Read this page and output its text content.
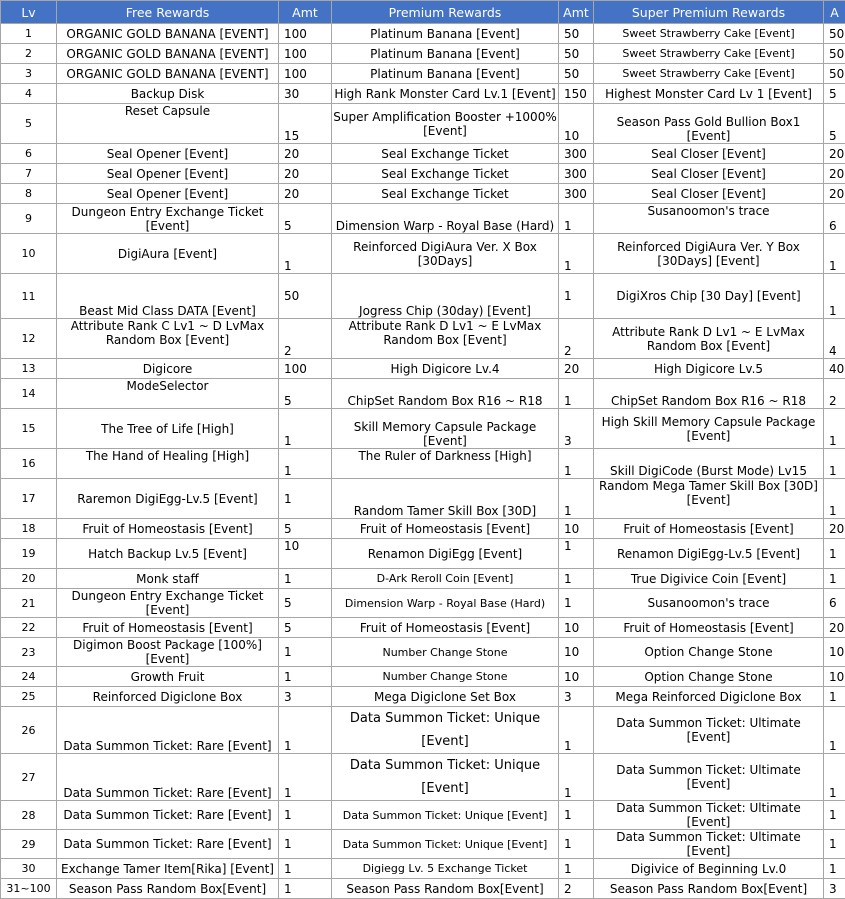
Lv	Free Rewards	Amt	Premium Rewards	Amt	Super Premium Rewards	A
1	ORGANIC GOLD BANANA [EVENT]	100	Platinum Banana [Event]	50	Sweet Strawberry Cake [Event]	50
2	ORGANIC GOLD BANANA [EVENT]	100	Platinum Banana [Event]	50	Sweet Strawberry Cake [Event]	50
3	ORGANIC GOLD BANANA [EVENT]	100	Platinum Banana [Event]	50	Sweet Strawberry Cake [Event]	50
4	Backup Disk	30	High Rank Monster Card Lv.1 [Event]	150	Highest Monster Card Lv 1 [Event]	5
5	Reset Capsule	15	Super Amplification Booster +1000% [Event]	10	Season Pass Gold Bullion Box1 [Event]	5
6	Seal Opener [Event]	20	Seal Exchange Ticket	300	Seal Closer [Event]	20
7	Seal Opener [Event]	20	Seal Exchange Ticket	300	Seal Closer [Event]	20
8	Seal Opener [Event]	20	Seal Exchange Ticket	300	Seal Closer [Event]	20
9	Dungeon Entry Exchange Ticket [Event]	5	Dimension Warp - Royal Base (Hard)	1	Susanoomon's trace	6
10	DigiAura [Event]	1	Reinforced DigiAura Ver. X Box [30Days]	1	Reinforced DigiAura Ver. Y Box [30Days] [Event]	1
11	Beast Mid Class DATA [Event]	50	Jogress Chip (30day) [Event]	1	DigiXros Chip [30 Day] [Event]	1
12	Attribute Rank C Lv1 ~ D LvMax Random Box [Event]	2	Attribute Rank D Lv1 ~ E LvMax Random Box [Event]	2	Attribute Rank D Lv1 ~ E LvMax Random Box [Event]	4
13	Digicore	100	High Digicore Lv.4	20	High Digicore Lv.5	40
14	ModeSelector	5	ChipSet Random Box R16 ~ R18	1	ChipSet Random Box R16 ~ R18	2
15	The Tree of Life [High]	1	Skill Memory Capsule Package [Event]	3	High Skill Memory Capsule Package [Event]	1
16	The Hand of Healing [High]	1	The Ruler of Darkness [High]	1	Skill DigiCode (Burst Mode) Lv15	1
17	Raremon DigiEgg-Lv.5 [Event]	1	Random Tamer Skill Box [30D]	1	Random Mega Tamer Skill Box [30D][Event]	1
18	Fruit of Homeostasis [Event]	5	Fruit of Homeostasis [Event]	10	Fruit of Homeostasis [Event]	20
19	Hatch Backup Lv.5 [Event]	10	Renamon DigiEgg [Event]	1	Renamon DigiEgg-Lv.5 [Event]	1
20	Monk staff	1	D-Ark Reroll Coin [Event]	1	True Digivice Coin [Event]	1
21	Dungeon Entry Exchange Ticket [Event]	5	Dimension Warp - Royal Base (Hard)	1	Susanoomon's trace	6
22	Fruit of Homeostasis [Event]	5	Fruit of Homeostasis [Event]	10	Fruit of Homeostasis [Event]	20
23	Digimon Boost Package [100%] [Event]	1	Number Change Stone	10	Option Change Stone	10
24	Growth Fruit	1	Number Change Stone	10	Option Change Stone	10
25	Reinforced Digiclone Box	3	Mega Digiclone Set Box	3	Mega Reinforced Digiclone Box	1
26	Data Summon Ticket: Rare [Event]	1	Data Summon Ticket: Unique [Event]	1	Data Summon Ticket: Ultimate [Event]	1
27	Data Summon Ticket: Rare [Event]	1	Data Summon Ticket: Unique [Event]	1	Data Summon Ticket: Ultimate [Event]	1
28	Data Summon Ticket: Rare [Event]	1	Data Summon Ticket: Unique [Event]	1	Data Summon Ticket: Ultimate [Event]	1
29	Data Summon Ticket: Rare [Event]	1	Data Summon Ticket: Unique [Event]	1	Data Summon Ticket: Ultimate [Event]	1
30	Exchange Tamer Item[Rika] [Event]	1	Digiegg Lv. 5 Exchange Ticket	1	Digivice of Beginning Lv.0	1
31~100	Season Pass Random Box[Event]	1	Season Pass Random Box[Event]	2	Season Pass Random Box[Event]	3
